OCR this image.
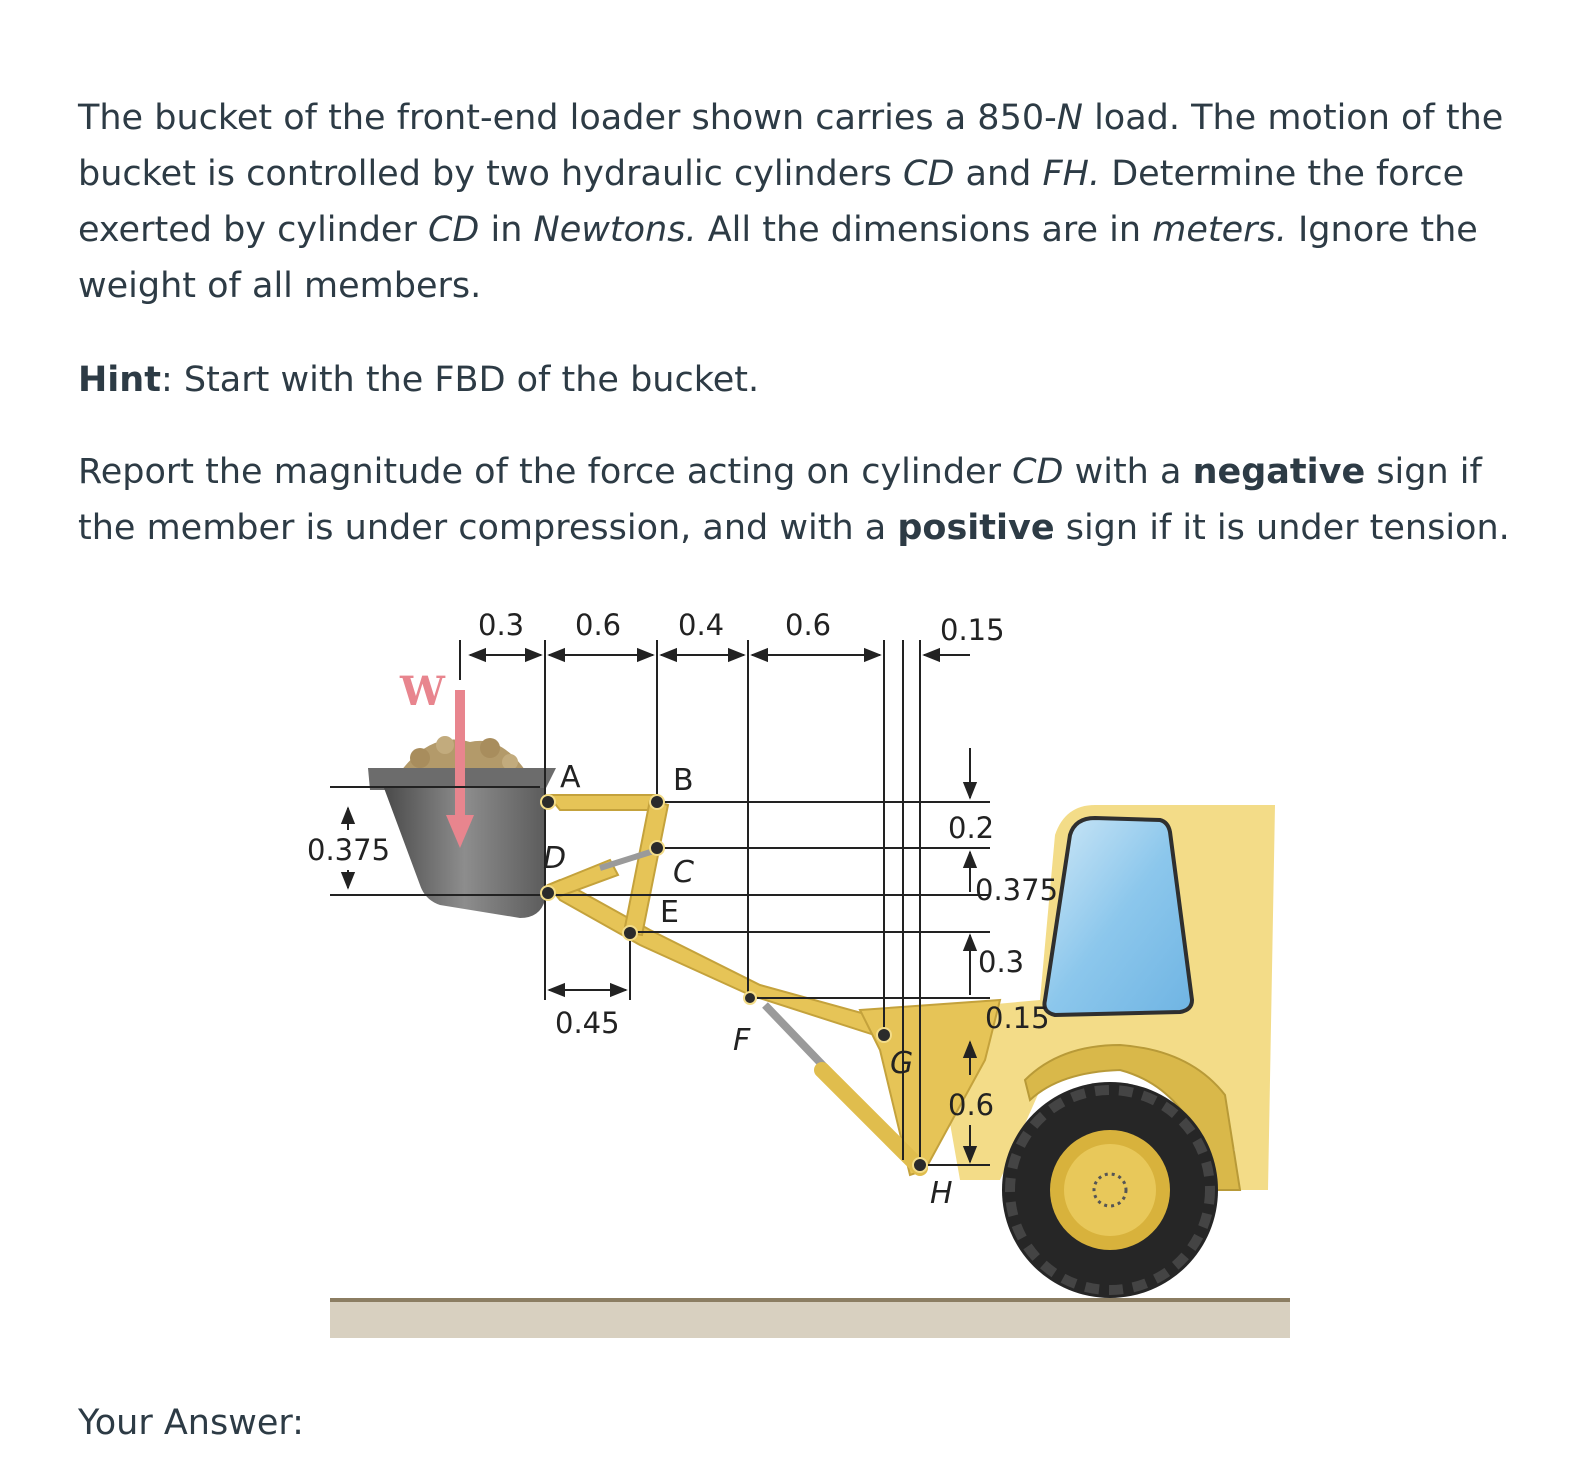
The bucket of the front-end loader shown carries a 850-N load. The motion of the bucket is controlled by two hydraulic cylinders CD and FH. Determine the force exerted by cylinder CD in Newtons. All the dimensions are in meters. Ignore the weight of all members.

Hint: Start with the FBD of the bucket.

Report the magnitude of the force acting on cylinder CD with a negative sign if the member is under compression, and with a positive sign if it is under tension.

W
A	B
C
D
E
F
G
H
0.3 0.6 0.4 0.6	0.15
0.375
0.45
0.2
0.375
0.3
0.15
0.6
Your Answer:
